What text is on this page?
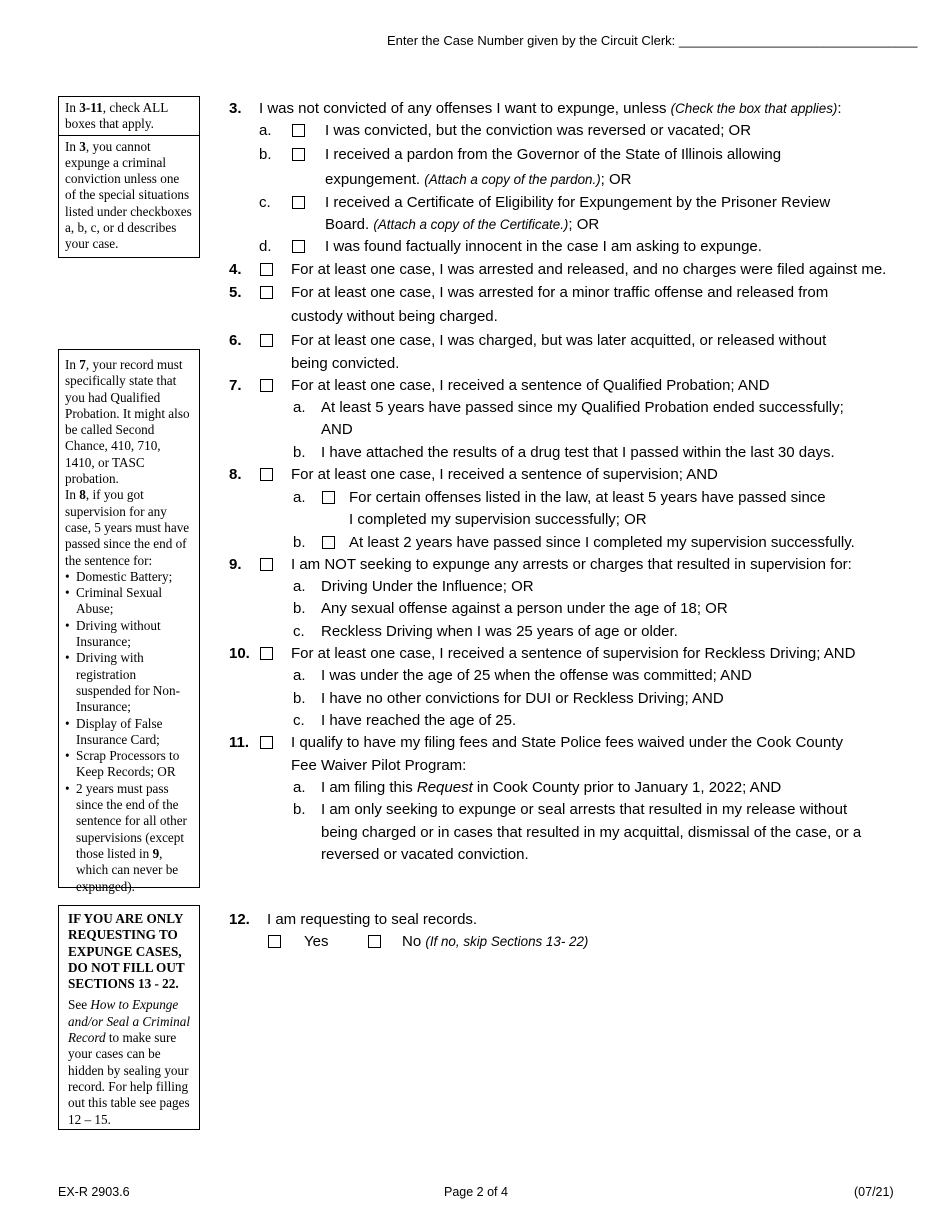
Enter the Case Number given by the Circuit Clerk: _________________________________
In 3-11, check ALL boxes that apply.
In 3, you cannot expunge a criminal conviction unless one of the special situations listed under checkboxes a, b, c, or d describes your case.
In 7, your record must specifically state that you had Qualified Probation. It might also be called Second Chance, 410, 710, 1410, or TASC probation.
In 8, if you got supervision for any case, 5 years must have passed since the end of the sentence for:
• Domestic Battery;
• Criminal Sexual Abuse;
• Driving without Insurance;
• Driving with registration suspended for Non-Insurance;
• Display of False Insurance Card;
• Scrap Processors to Keep Records; OR
• 2 years must pass since the end of the sentence for all other supervisions (except those listed in 9, which can never be expunged).
IF YOU ARE ONLY REQUESTING TO EXPUNGE CASES, DO NOT FILL OUT SECTIONS 13 - 22.
See How to Expunge and/or Seal a Criminal Record to make sure your cases can be hidden by sealing your record. For help filling out this table see pages 12 – 15.
3. I was not convicted of any offenses I want to expunge, unless (Check the box that applies):
a.	I was convicted, but the conviction was reversed or vacated; OR
b.	I received a pardon from the Governor of the State of Illinois allowing
expungement. (Attach a copy of the pardon.); OR
c.	I received a Certificate of Eligibility for Expungement by the Prisoner Review
Board. (Attach a copy of the Certificate.); OR
d.	I was found factually innocent in the case I am asking to expunge.
4.	For at least one case, I was arrested and released, and no charges were filed against me.
5.	For at least one case, I was arrested for a minor traffic offense and released from
custody without being charged.
6.	For at least one case, I was charged, but was later acquitted, or released without
being convicted.
7.	For at least one case, I received a sentence of Qualified Probation; AND
a. At least 5 years have passed since my Qualified Probation ended successfully;
AND
b. I have attached the results of a drug test that I passed within the last 30 days.
8.	For at least one case, I received a sentence of supervision; AND
a.	For certain offenses listed in the law, at least 5 years have passed since
I completed my supervision successfully; OR
b.	At least 2 years have passed since I completed my supervision successfully.
9.	I am NOT seeking to expunge any arrests or charges that resulted in supervision for:
a. Driving Under the Influence; OR
b. Any sexual offense against a person under the age of 18; OR
c. Reckless Driving when I was 25 years of age or older.
10.	For at least one case, I received a sentence of supervision for Reckless Driving; AND
a. I was under the age of 25 when the offense was committed; AND
b. I have no other convictions for DUI or Reckless Driving; AND
c. I have reached the age of 25.
11.	I qualify to have my filing fees and State Police fees waived under the Cook County
Fee Waiver Pilot Program:
a. I am filing this Request in Cook County prior to January 1, 2022; AND
b. I am only seeking to expunge or seal arrests that resulted in my release without
being charged or in cases that resulted in my acquittal, dismissal of the case, or a
reversed or vacated conviction.
12. I am requesting to seal records.
Yes	No (If no, skip Sections 13- 22)
EX-R 2903.6	Page 2 of 4	(07/21)
